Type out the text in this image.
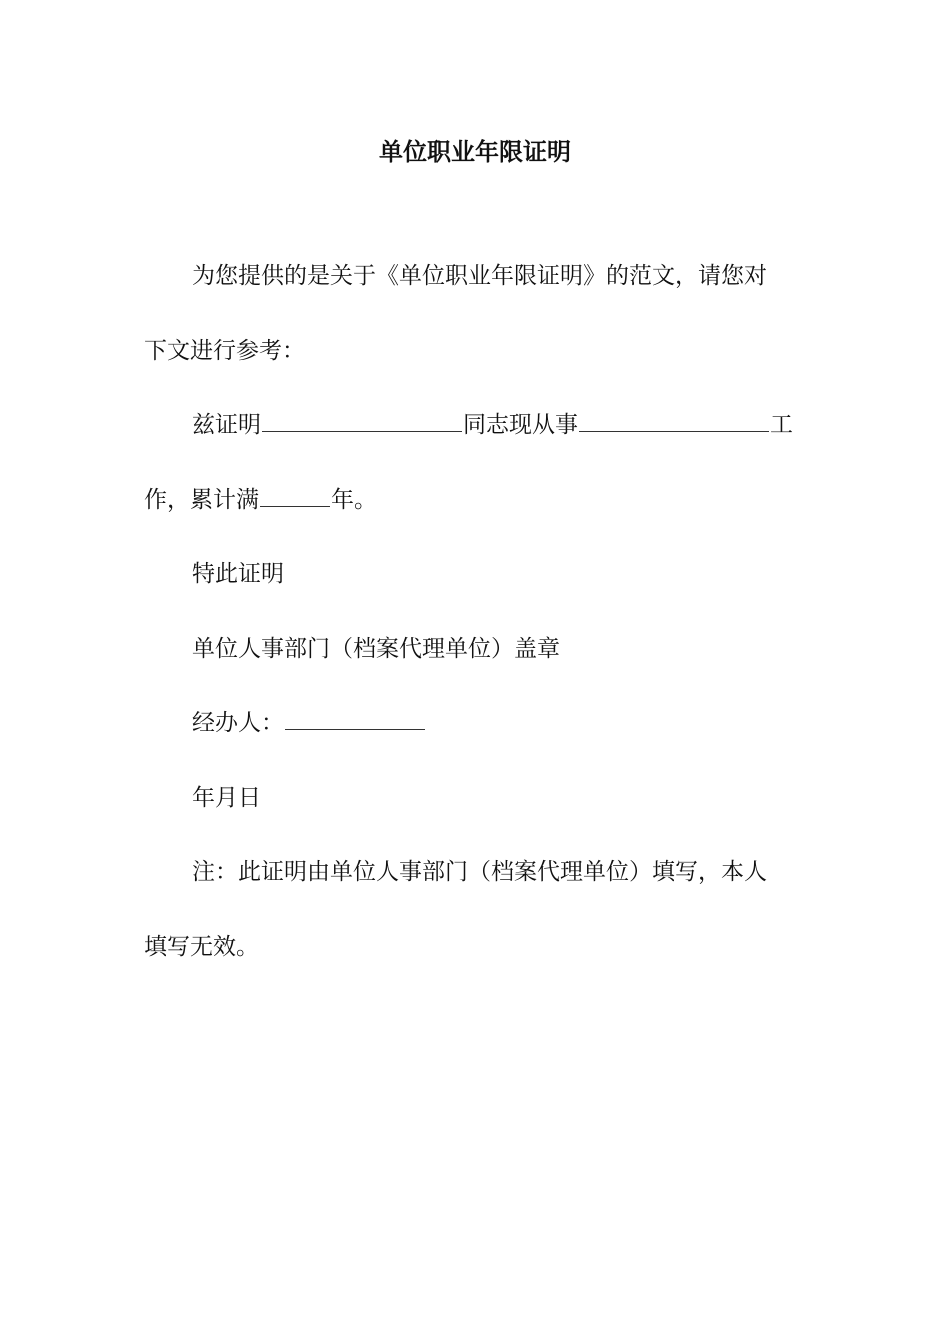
单位职业年限证明
为您提供的是关于《单位职业年限证明》的范文，请您对
下文进行参考：
兹证明	同志现从事	工
作，累计满	年。
特此证明
单位人事部门（档案代理单位）盖章
经办人：
年月日
注：此证明由单位人事部门（档案代理单位）填写，本人
填写无效。
